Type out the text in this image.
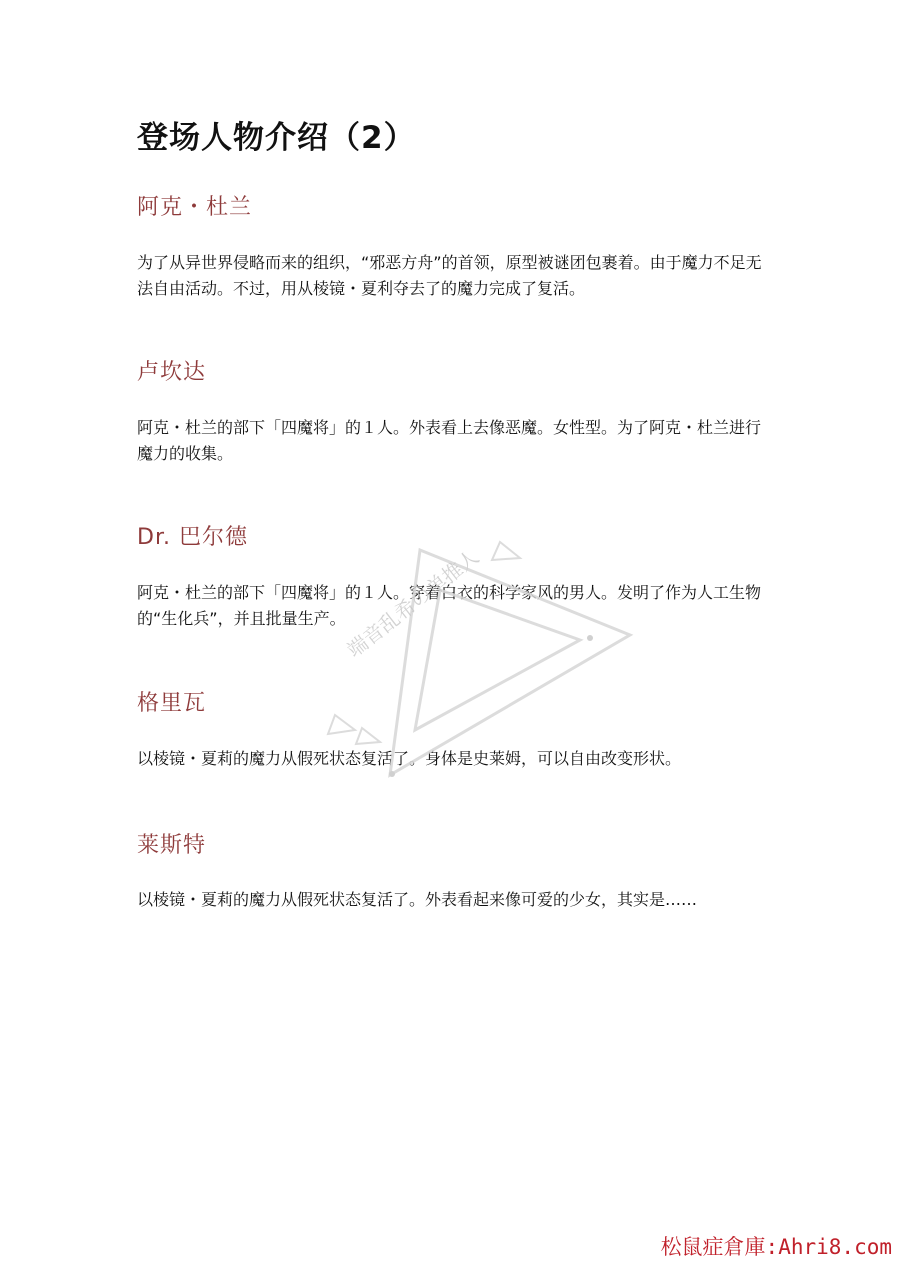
登场人物介绍（2）
阿克・杜兰

为了从异世界侵略而来的组织，“邪恶方舟”的首领，原型被谜团包裹着。由于魔力不足无法自由活动。不过，用从棱镜・夏利夺去了的魔力完成了复活。

卢坎达

阿克・杜兰的部下「四魔将」的１人。外表看上去像恶魔。女性型。为了阿克・杜兰进行魔力的收集。

Dr. 巴尔德

阿克・杜兰的部下「四魔将」的１人。穿着白衣的科学家风的男人。发明了作为人工生物的“生化兵”，并且批量生产。

格里瓦

以棱镜・夏莉的魔力从假死状态复活了。身体是史莱姆，可以自由改变形状。

莱斯特

以棱镜・夏莉的魔力从假死状态复活了。外表看起来像可爱的少女，其实是……

端音乱希の单推人
松鼠症倉庫:Ahri8.com
